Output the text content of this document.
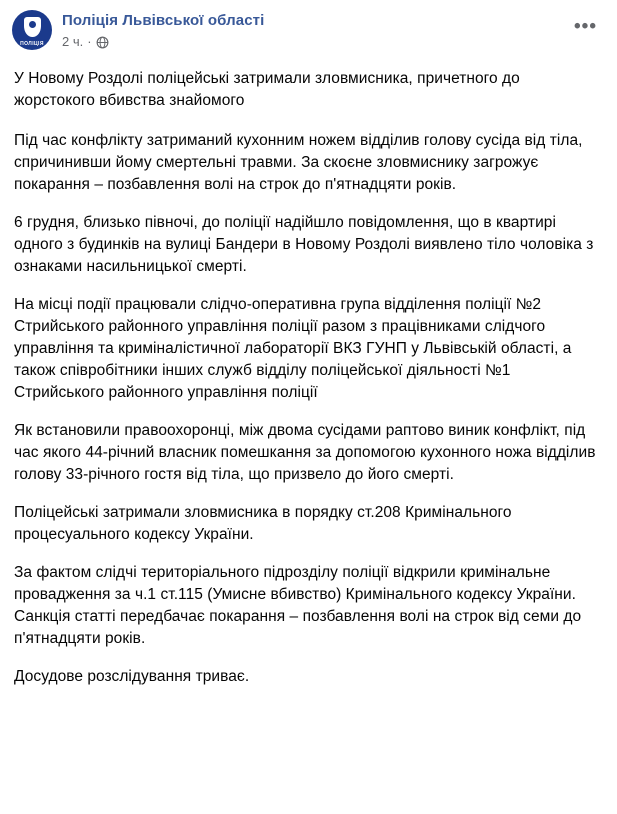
ПОЛІЦІЯ
Поліція Львівської області
2 ч. ·
•••

У Новому Роздолі поліцейські затримали зловмисника, причетного до жорстокого вбивства знайомого

Під час конфлікту затриманий кухонним ножем відділив голову сусіда від тіла, спричинивши йому смертельні травми. За скоєне зловмиснику загрожує покарання – позбавлення волі на строк до п'ятнадцяти років.

6 грудня, близько півночі, до поліції надійшло повідомлення, що в квартирі одного з будинків на вулиці Бандери в Новому Роздолі виявлено тіло чоловіка з ознаками насильницької смерті.

На місці події працювали слідчо-оперативна група відділення поліції №2 Стрийського районного управління поліції разом з працівниками слідчого управління та криміналістичної лабораторії ВКЗ ГУНП у Львівській області, а також співробітники інших служб відділу поліцейської діяльності №1 Стрийського районного управління поліції

Як встановили правоохоронці, між двома сусідами раптово виник конфлікт, під час якого 44-річний власник помешкання за допомогою кухонного ножа відділив голову 33-річного гостя від тіла, що призвело до його смерті.

Поліцейські затримали зловмисника в порядку ст.208 Кримінального процесуального кодексу України.

За фактом слідчі територіального підрозділу поліції відкрили кримінальне провадження за ч.1 ст.115 (Умисне вбивство) Кримінального кодексу України. Санкція статті передбачає покарання – позбавлення волі на строк від семи до п'ятнадцяти років.

Досудове розслідування триває.
